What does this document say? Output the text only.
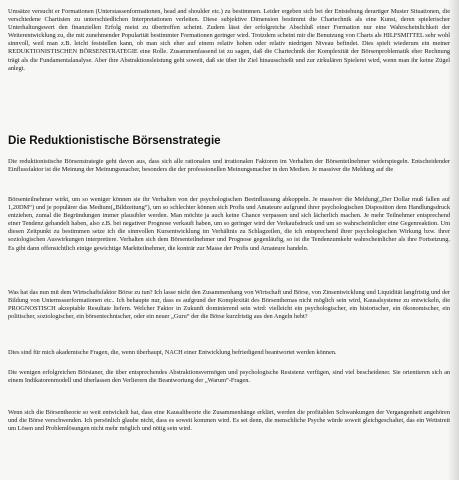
Umsätze versucht er Formationen (Unterstassenformationen, head and shoulder etc.) zu bestimmen. Leider ergeben sich bei der Entstehung derartiger Muster Situationen, die verschiedene Chartisten zu unterschiedlichen Interpretationen verleiten. Diese subjektive Dimension bestimmt die Chartechnik als eine Kunst, deren spielerischer Unterhaltungswert den finanziellen Erfolg meist zu übertreffen scheint. Zudem lässt der erfolgreiche Abschluß einer Formation nur eine Wahrscheinlichkeit der Weiterentwicklung zu, die mit zunehmender Popularität bestimmter Formationen geringer wird. Trotzdem scheint mir die Benutzung von Charts als HILFSMITTEL sehr wohl sinnvoll, weil man z.B. leicht feststellen kann, ob man sich eher auf einem relativ hohen oder relativ niedrigen Niveau befindet. Dies spielt wiederum ein meiner REDUKTIONISTISCHEN BÖRSENSTRATEGIE eine Rolle. Zusammenfassend ist zu sagen, daß die Chartechnik der Komplexität der Börsenproblematik eher Rechnung trägt als die Fundamentalanalyse. Aber ihre Abstraktionsleistung geht soweit, daß sie über ihr Ziel hinausschießt und zur zirkulären Spielerei wird, wenn man ihr keine Zügel anlegt.
Die Reduktionistische Börsenstrategie
Die reduktionistische Börsenstrategie geht davon aus, dass sich alle rationalen und irrationalen Faktoren im Verhalten der Börsenteilnehmer widerspiegeln. Entscheidender Einflussfaktor ist die Meinung der Meinungsmacher, besonders die der professionellen Meinungsmacher in den Medien. Je massiver die Meldung auf die
Börsenteilnehmer wirkt, um so weniger können sie ihr Verhalten von der psychologischen Beeinflussung abkoppeln. Je massiver die Meldung(„Der Dollar muß fallen auf 1,20DM“) und je populärer das Medium(„Bildzeitung“), um so schlechter können sich Profis und Amateure aufgrund ihrer psychologischen Disposition dem Handlungsdruck entziehen, zumal die Begründungen immer plausibler werden. Man möchte ja auch keine Chance verpassen und sich lächerlich machen. Je mehr Teilnehmer entsprechend einer Tendenz gehandelt haben, also z.B. bei negativer Prognose verkauft haben, um so geringer wird der Verkaufsdruck und um so wahrscheinlicher eine Gegenreaktion. Um diesen Zeitpunkt zu bestimmen setze ich die sinnvollen Kursentwicklung im Verhältnis zu Schlagzeilen, die ich entsprechend ihrer psychologischen Wirkung bzw. ihrer soziologischen Auswirkungen interpretiere. Verhalten sich dem Börsenteilnehmer und Prognose gegenläufig, so ist die Tendenzumkehr wahrscheinlicher als ihre Fortsetzung. Es gibt dann offensichtlich einige gewichtige Marktteilnehmer, die konträr zur Masse der Profis und Amateure handeln.
Was hat das nun mit dem Wirtschaftsfaktor Börse zu tun? Ich lasse nicht den Zusammenhang von Wirtschaft und Börse, von Zinsentwicklung und Liquidität langfristig und der Bildung von Unternssserformationen etc.. Ich behaupte nur, dass es aufgrund der Komplexität des Börsenthemas nicht möglich sein wird, Kausalsysteme zu entwickeln, die PROGNOSTISCH akzeptable Resultate liefern. Welcher Faktor in Zukunft dominierend sein wird: vielleicht ein psychologischer, ein historischer, ein ökonomischer, ein politischer, soziologischer, ein börsentechnischer, oder ein neuer „Guru“ der die Börse kurzfristig aus den Angeln hebt?
Dies sind für mich akademische Fragen, die, wenn überhaupt, NACH einer Entwicklung befriedigend beantwortet werden können.
Die wenigen erfolgreichen Börsianer, die über entsprechendes Abstraktionsvermögen und psychologische Resistenz verfügen, sind viel bescheidener. Sie orientieren sich an einem Indikatorenmodell und überlassen den Verlierern die Beantwortung der „Warum“-Fragen.
Wenn sich die Börsentheorie so weit entwickelt hat, dass eine Kausaltheorie die Zusammenhänge erklärt, werden die profitablen Schwankungen der Vergangenheit angehören und die Börse verschwenden. Ich persönlich glaube nicht, dass es soweit kommen wird. Es sei denn, die menschliche Psyche würde soweit gleichgeschaltet, das ein Wettstreit um Lösen und Problemlösungen nicht mehr möglich und nötig sein wird.
